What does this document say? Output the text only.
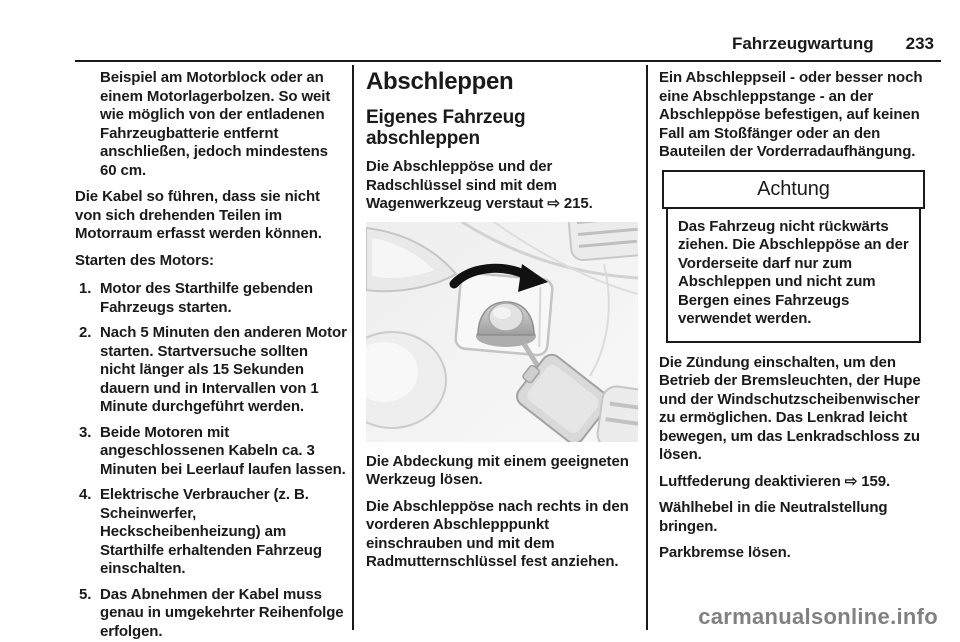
Fahrzeugwartung 233

Beispiel am Motorblock oder an einem Motorlagerbolzen. So weit wie möglich von der entladenen Fahrzeugbatterie entfernt anschließen, jedoch mindestens 60 cm.

Die Kabel so führen, dass sie nicht von sich drehenden Teilen im Motorraum erfasst werden können.

Starten des Motors:

Motor des Starthilfe gebenden Fahrzeugs starten.
Nach 5 Minuten den anderen Motor starten. Startversuche sollten nicht länger als 15 Sekunden dauern und in Intervallen von 1 Minute durchgeführt werden.
Beide Motoren mit angeschlossenen Kabeln ca. 3 Minuten bei Leerlauf laufen lassen.
Elektrische Verbraucher (z. B. Scheinwerfer, Heckscheibenheizung) am Starthilfe erhaltenden Fahrzeug einschalten.
Das Abnehmen der Kabel muss genau in umgekehrter Reihenfolge erfolgen.
Abschleppen
Eigenes Fahrzeug abschleppen

Die Abschleppöse und der Radschlüssel sind mit dem Wagenwerkzeug verstaut ⇨ 215.

Die Abdeckung mit einem geeigneten Werkzeug lösen.

Die Abschleppöse nach rechts in den vorderen Abschlepppunkt einschrauben und mit dem Radmutternschlüssel fest anziehen.

Ein Abschleppseil - oder besser noch eine Abschleppstange - an der Abschleppöse befestigen, auf keinen Fall am Stoßfänger oder an den Bauteilen der Vorderradaufhängung.

Achtung
Das Fahrzeug nicht rückwärts ziehen. Die Abschleppöse an der Vorderseite darf nur zum Abschleppen und nicht zum Bergen eines Fahrzeugs verwendet werden.

Die Zündung einschalten, um den Betrieb der Bremsleuchten, der Hupe und der Windschutzscheibenwischer zu ermöglichen. Das Lenkrad leicht bewegen, um das Lenkradschloss zu lösen.

Luftfederung deaktivieren ⇨ 159.

Wählhebel in die Neutralstellung bringen.

Parkbremse lösen.

carmanualsonline.info
